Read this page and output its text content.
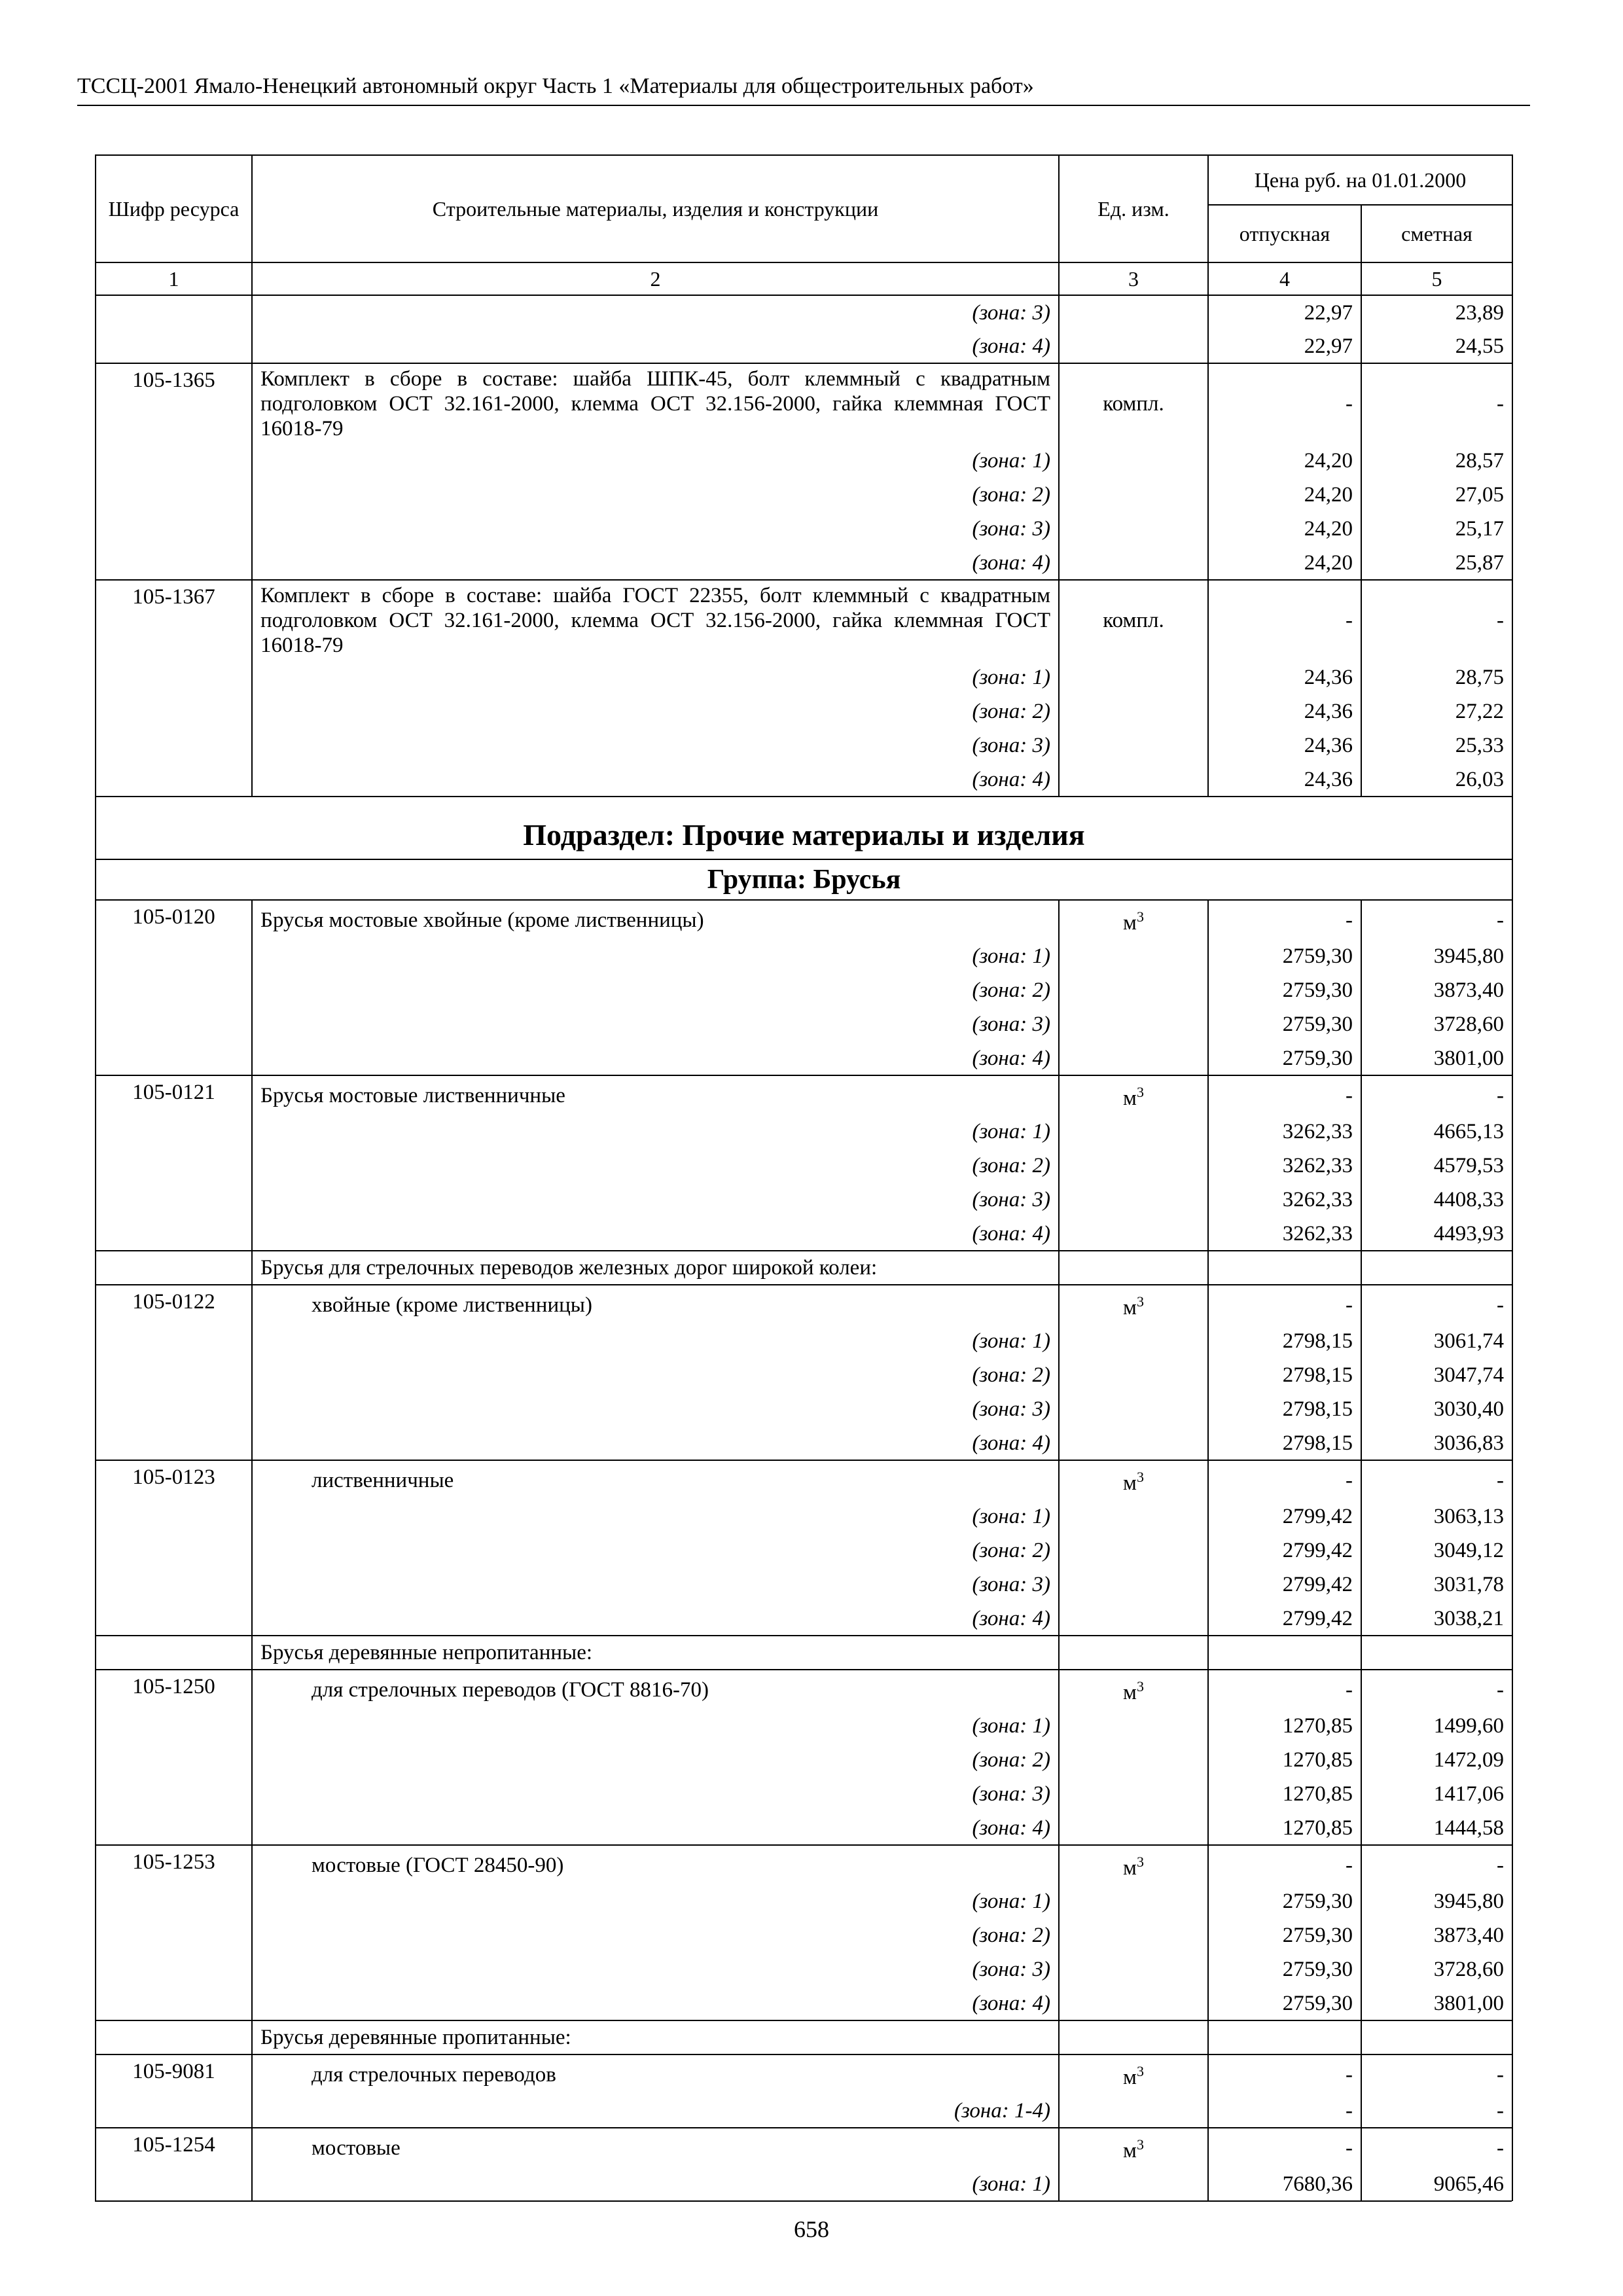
ТССЦ-2001 Ямало-Ненецкий автономный округ Часть 1 «Материалы для общестроительных работ»
Шифр ресурса	Строительные материалы, изделия и конструкции	Ед. изм.	Цена руб. на 01.01.2000	
			отпускная	сметная
1	2	3	4	5
	(зона: 3)		22,97	23,89
	(зона: 4)		22,97	24,55
105-1365	Комплект в сборе в составе: шайба ШПК-45, болт клеммный с квадратным подголовком ОСТ 32.161-2000, клемма ОСТ 32.156-2000, гайка клеммная ГОСТ 16018-79	компл.	-	-
	(зона: 1)		24,20	28,57
	(зона: 2)		24,20	27,05
	(зона: 3)		24,20	25,17
	(зона: 4)		24,20	25,87
105-1367	Комплект в сборе в составе: шайба ГОСТ 22355, болт клеммный с квадратным подголовком ОСТ 32.161-2000, клемма ОСТ 32.156-2000, гайка клеммная ГОСТ 16018-79	компл.	-	-
	(зона: 1)		24,36	28,75
	(зона: 2)		24,36	27,22
	(зона: 3)		24,36	25,33
	(зона: 4)		24,36	26,03
Подраздел: Прочие материалы и изделия				
Группа: Брусья				
105-0120	Брусья мостовые хвойные (кроме лиственницы)	$м^3$	-	-
	(зона: 1)		2759,30	3945,80
	(зона: 2)		2759,30	3873,40
	(зона: 3)		2759,30	3728,60
	(зона: 4)		2759,30	3801,00
105-0121	Брусья мостовые лиственничные	$м^3$	-	-
	(зона: 1)		3262,33	4665,13
	(зона: 2)		3262,33	4579,53
	(зона: 3)		3262,33	4408,33
	(зона: 4)		3262,33	4493,93
	Брусья для стрелочных переводов железных дорог широкой колеи:			
105-0122	хвойные (кроме лиственницы)	$м^3$	-	-
	(зона: 1)		2798,15	3061,74
	(зона: 2)		2798,15	3047,74
	(зона: 3)		2798,15	3030,40
	(зона: 4)		2798,15	3036,83
105-0123	лиственничные	$м^3$	-	-
	(зона: 1)		2799,42	3063,13
	(зона: 2)		2799,42	3049,12
	(зона: 3)		2799,42	3031,78
	(зона: 4)		2799,42	3038,21
	Брусья деревянные непропитанные:			
105-1250	для стрелочных переводов (ГОСТ 8816-70)	$м^3$	-	-
	(зона: 1)		1270,85	1499,60
	(зона: 2)		1270,85	1472,09
	(зона: 3)		1270,85	1417,06
	(зона: 4)		1270,85	1444,58
105-1253	мостовые (ГОСТ 28450-90)	$м^3$	-	-
	(зона: 1)		2759,30	3945,80
	(зона: 2)		2759,30	3873,40
	(зона: 3)		2759,30	3728,60
	(зона: 4)		2759,30	3801,00
	Брусья деревянные пропитанные:			
105-9081	для стрелочных переводов	$м^3$	-	-
	(зона: 1-4)		-	-
105-1254	мостовые	$м^3$	-	-
	(зона: 1)		7680,36	9065,46
658
